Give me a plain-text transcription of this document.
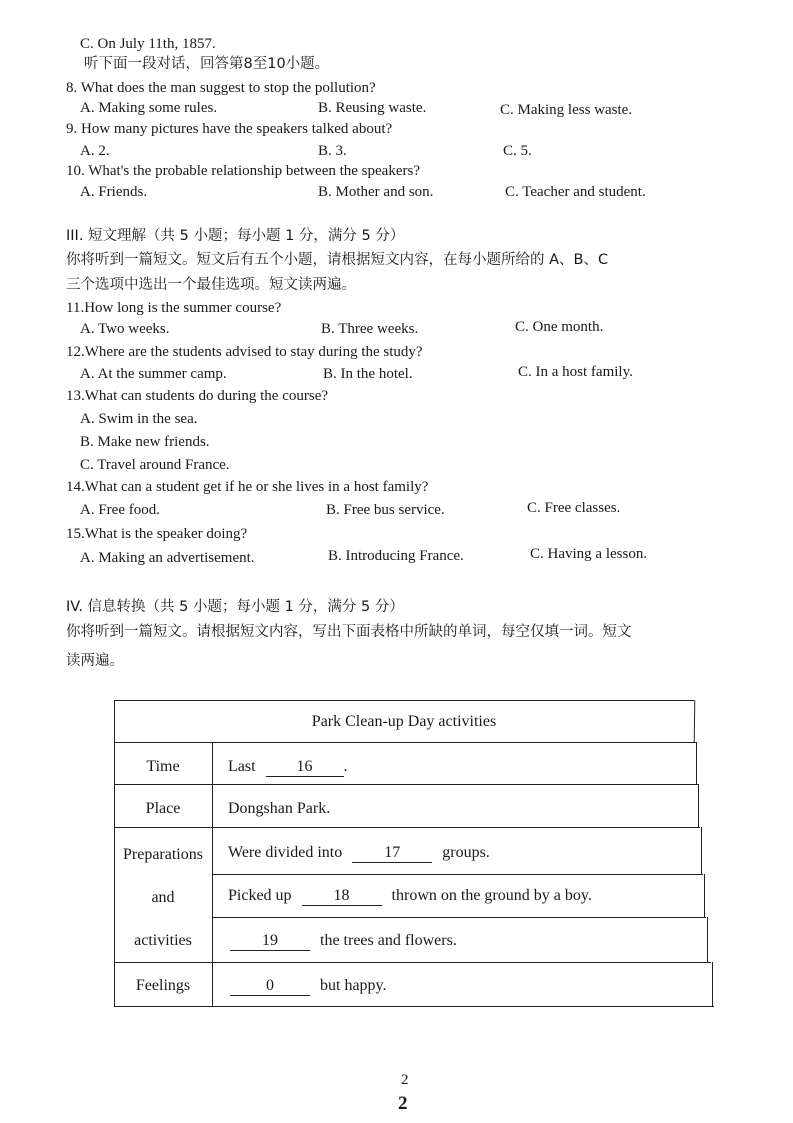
C. On July 11th, 1857.
听下面一段对话，回答第8至10小题。
8. What does the man suggest to stop the pollution?
A. Making some rules.	B. Reusing waste.	C. Making less waste.
9. How many pictures have the speakers talked about?
A. 2.	B. 3.	C. 5.
10. What's the probable relationship between the speakers?
A. Friends.	B. Mother and son.	C. Teacher and student.
III. 短文理解（共 5 小题；每小题 1 分，满分 5 分）
你将听到一篇短文。短文后有五个小题，请根据短文内容，在每小题所给的 A、B、C
三个选项中选出一个最佳选项。短文读两遍。
11.How long is the summer course?
A. Two weeks.	B. Three weeks.	C. One month.
12.Where are the students advised to stay during the study?
A. At the summer camp.	B. In the hotel.	C. In a host family.
13.What can students do during the course?
A. Swim in the sea.
B. Make new friends.
C. Travel around France.
14.What can a student get if he or she lives in a host family?
A. Free food.	B. Free bus service.	C. Free classes.
15.What is the speaker doing?
A. Making an advertisement.	B. Introducing France.	C. Having a lesson.
IV. 信息转换（共 5 小题；每小题 1 分，满分 5 分）
你将听到一篇短文。请根据短文内容，写出下面表格中所缺的单词，每空仅填一词。短文
读两遍。
Park Clean-up Day activities
Time	Last	16 .
Place	Dongshan Park.
Preparations
and
activities
Were divided into	17	groups.
Picked up	18	thrown on the ground by a boy.
19	the trees and flowers.
Feelings	0	but happy.
2
2
